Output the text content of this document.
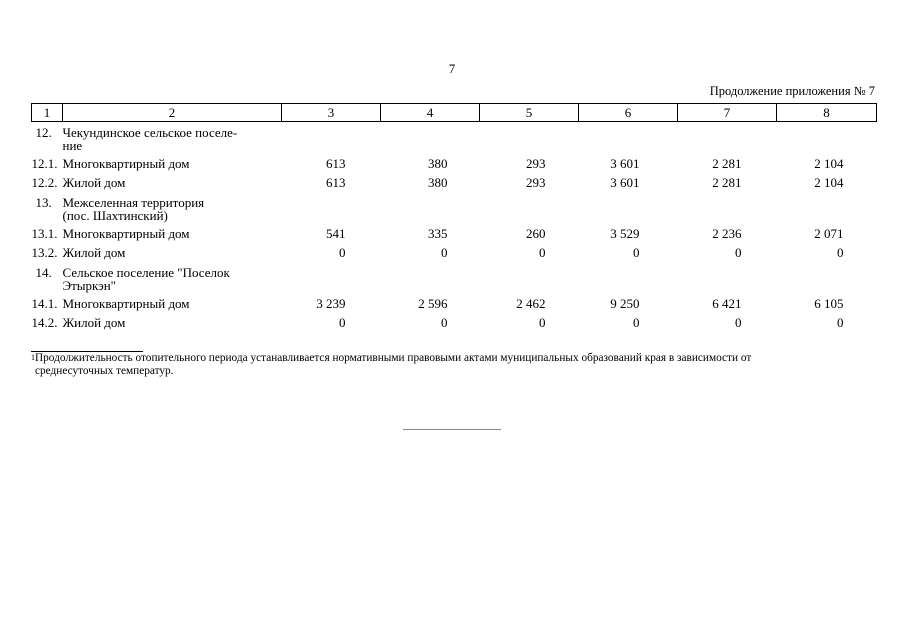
7
Продолжение приложения № 7
1	2	3	4	5	6	7	8
12.	Чекундинское сельское поселе-
ние						
12.1.	Многоквартирный дом	613	380	293	3 601	2 281	2 104
12.2.	Жилой дом	613	380	293	3 601	2 281	2 104
13.	Межселенная территория
(пос. Шахтинский)						
13.1.	Многоквартирный дом	541	335	260	3 529	2 236	2 071
13.2.	Жилой дом	0	0	0	0	0	0
14.	Сельское поселение "Поселок
Этыркэн"						
14.1.	Многоквартирный дом	3 239	2 596	2 462	9 250	6 421	6 105
14.2.	Жилой дом	0	0	0	0	0	0
$^1$Продолжительность отопительного периода устанавливается нормативными правовыми актами муниципальных образований края в зависимости от
среднесуточных температур.
